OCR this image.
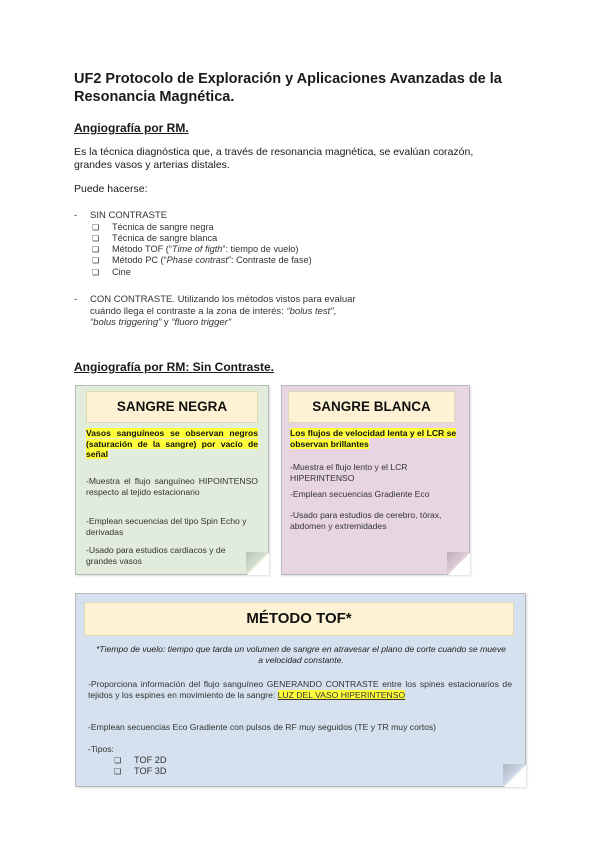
UF2 Protocolo de Exploración y Aplicaciones Avanzadas de la Resonancia Magnética.
Angiografía por RM.
Es la técnica diagnóstica que, a través de resonancia magnética, se evalúan corazón, grandes vasos y arterias distales.
Puede hacerse:
- SIN CONTRASTE
❏ Técnica de sangre negra
❏ Técnica de sangre blanca
❏ Método TOF (“Time of figth”: tiempo de vuelo)
❏ Método PC (“Phase contrast”: Contraste de fase)
❏ Cine
- CON CONTRASTE. Utilizando los métodos vistos para evaluar cuándo llega el contraste a la zona de interés: “bolus test”, “bolus triggering” y “fluoro trigger”
Angiografía por RM: Sin Contraste.
SANGRE NEGRA
Vasos sanguíneos se observan negros (saturación de la sangre) por vacío de señal
-Muestra el flujo sanguíneo HIPOINTENSO respecto al tejido estacionario
-Emplean secuencias del tipo Spin Echo y derivadas
-Usado para estudios cardiacos y de grandes vasos
SANGRE BLANCA
Los flujos de velocidad lenta y el LCR se observan brillantes
-Muestra el flujo lento y el LCR HIPERINTENSO
-Emplean secuencias Gradiente Eco
-Usado para estudios de cerebro, tórax, abdomen y extremidades
MÉTODO TOF*
*Tiempo de vuelo: tiempo que tarda un volumen de sangre en atravesar el plano de corte cuando se mueve a velocidad constante.
-Proporciona información del flujo sanguíneo GENERANDO CONTRASTE entre los spines estacionarios de tejidos y los espines en movimiento de la sangre: LUZ DEL VASO HIPERINTENSO
-Emplean secuencias Eco Gradiente con pulsos de RF muy seguidos (TE y TR muy cortos)
-Tipos:
❏ TOF 2D
❏ TOF 3D
